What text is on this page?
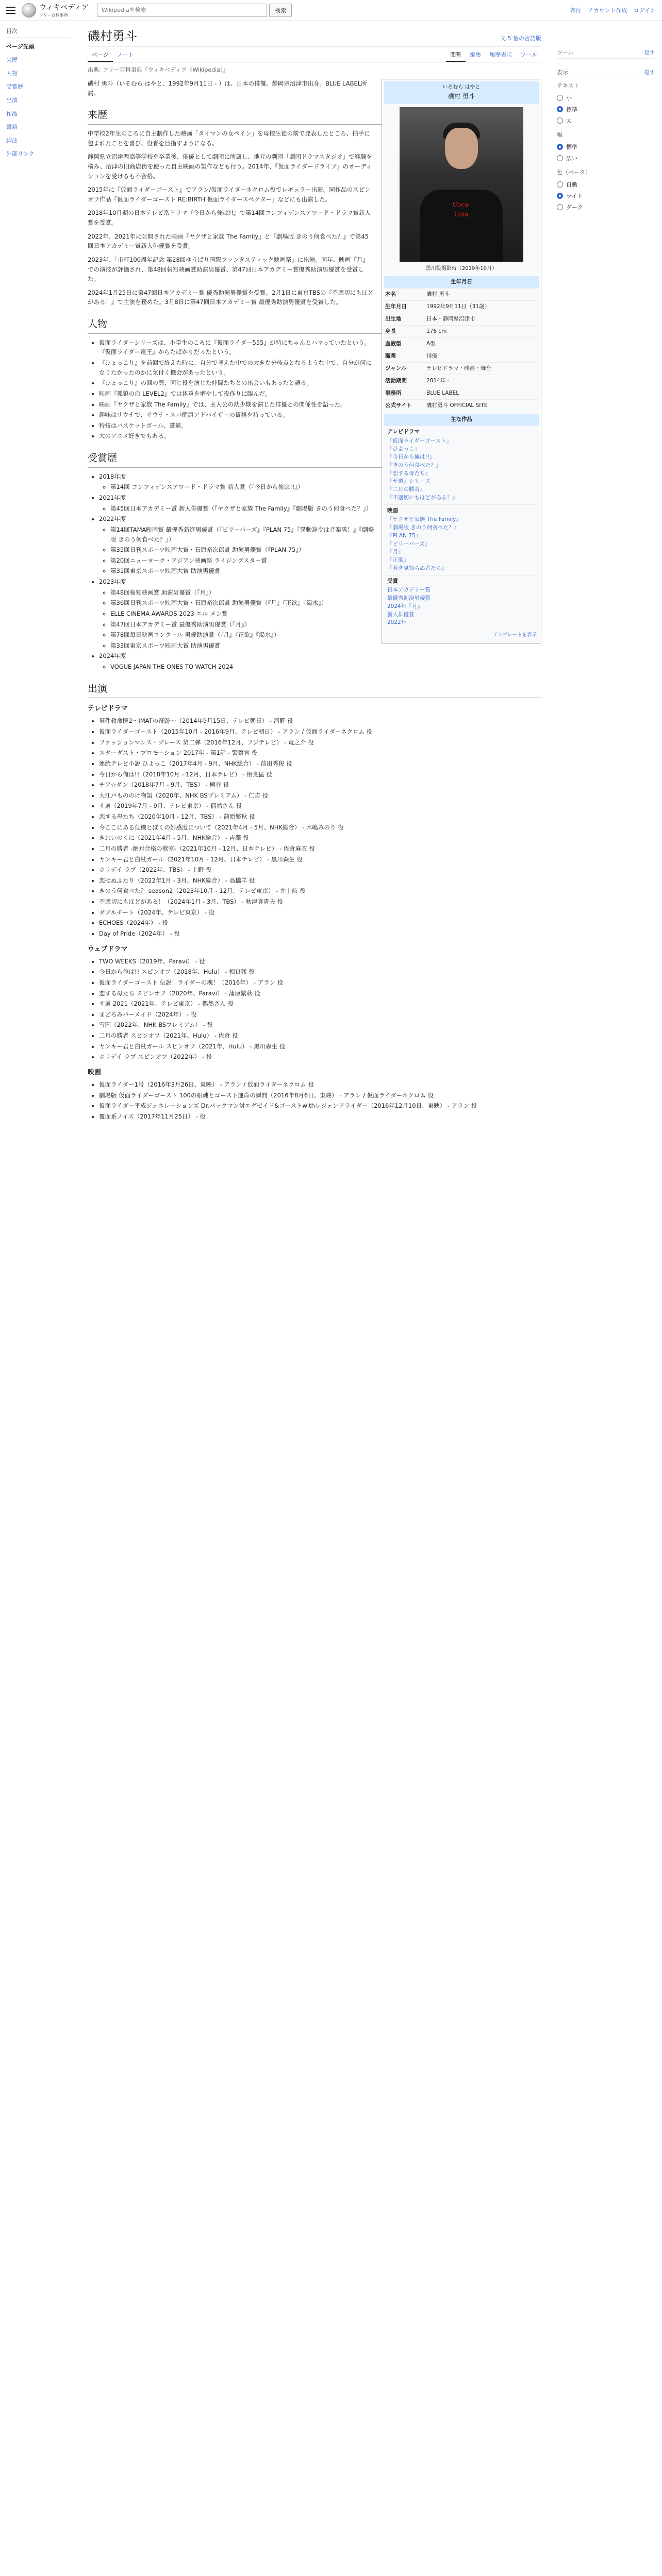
ウィキペディア
フリー百科事典
Wikipediaを検索
検索	寄付 アカウント作成 ログイン
目次
ページ先頭
来歴
人物
受賞歴
出演
作品
書籍
脚注
外部リンク
磯村勇斗	文 5 個の言語版
ページ	ノート	閲覧	編集	履歴表示	ツール
出典: フリー百科事典『ウィキペディア（Wikipedia）』
いそむら はやと
磯村 勇斗
Coca-Cola
黒川役撮影時（2019年10月）
生年月日
本名	磯村 勇斗
生年月日	1992年9月11日（31歳）
出生地	日本・静岡県沼津市
身長	176 cm
血液型	A型
職業	俳優
ジャンル	テレビドラマ・映画・舞台
活動期間	2014年 -
事務所	BLUE LABEL
公式サイト	磯村勇斗 OFFICIAL SITE
主な作品
テレビドラマ
『仮面ライダーゴースト』
『ひよっこ』
『今日から俺は!!』
『きのう何食べた？』
『恋する母たち』
『サ道』シリーズ
『二月の勝者』
『不適切にもほどがある！』
映画
『ヤクザと家族 The Family』
『劇場版 きのう何食べた？』
『PLAN 75』
『ビリーバーズ』
『月』
『正欲』
『若き見知らぬ者たち』
受賞
日本アカデミー賞
最優秀助演男優賞
2024年『月』
新人俳優賞
2022年
テンプレートを表示

磯村 勇斗（いそむら はやと、1992年9月11日 - ）は、日本の俳優。静岡県沼津市出身。BLUE LABEL所属。

来歴

中学校2年生のころに自主制作した映画「タイマンの女ペイン」を母校生徒の前で発表したところ、拍手に包まれたことを喜び、役者を目指すようになる。

静岡県立沼津西高等学校を卒業後、俳優として劇団に所属し、地元の劇団「劇団ドラマスタジオ」で経験を積み、沼津の旧商店街を使った自主映画の製作なども行う。2014年、『仮面ライダードライブ』のオーディションを受けるも不合格。

2015年に『仮面ライダーゴースト』でアラン/仮面ライダーネクロム役でレギュラー出演。同作品のスピンオフ作品『仮面ライダーゴースト RE:BIRTH 仮面ライダースペクター』などにも出演した。

2018年10月期の日本テレビ系ドラマ『今日から俺は!!』で第14回コンフィデンスアワード・ドラマ賞新人賞を受賞。

2022年、2021年に公開された映画『ヤクザと家族 The Family』と『劇場版 きのう何食べた？』で第45回日本アカデミー賞新人俳優賞を受賞。

2023年、「市町100周年記念 第28回ゆうばり国際ファンタスティック映画祭」に出演。同年、映画『月』での演技が評価され、第48回報知映画賞助演男優賞、第47回日本アカデミー賞優秀助演男優賞を受賞した。

2024年1月25日に第47回日本アカデミー賞 優秀助演男優賞を受賞。2月1日に東京TBSの『不適切にもほどがある！』で主演を務めた。3月8日に第47回日本アカデミー賞 最優秀助演男優賞を受賞した。

人物
• 仮面ライダーシリーズは、小学生のころに『仮面ライダー555』が特にちゃんとハマっていたという。『仮面ライダー電王』からたばかりだったという。
• 『ひょっこり』を前回で終えた時に、自分で考えた中での大きな分岐点となるような中で、自分が何になりたかったのかに気付く機会があったという。
• 『ひょっこり』の回の際、同じ役を演じた仲間たちとの出会いもあったと語る。
• 映画『孤狼の血 LEVEL2』では体重を増やして役作りに臨んだ。
• 映画『ヤクザと家族 The Family』では、主人公の幼少期を演じた俳優との関係性を語った。
• 趣味はサウナで、サウナ・スパ健康アドバイザーの資格を持っている。
• 特技はバスケットボール、書道。
• 大のアニメ好きでもある。
受賞歴
• 2018年度
◦ 第14回 コンフィデンスアワード・ドラマ賞 新人賞（『今日から俺は!!』）
• 2021年度
◦ 第45回日本アカデミー賞 新人俳優賞（『ヤクザと家族 The Family』『劇場版 きのう何食べた？』）
• 2022年度
◦ 第14回TAMA映画賞 最優秀新進男優賞（『ビリーバーズ』『PLAN 75』『異動辞令は音楽隊！』『劇場版 きのう何食べた？』）
◦ 第35回日刊スポーツ映画大賞・石原裕次郎賞 助演男優賞（『PLAN 75』）
◦ 第20回ニューヨーク・アジアン映画祭 ライジングスター賞
◦ 第31回東京スポーツ映画大賞 助演男優賞
• 2023年度
◦ 第48回報知映画賞 助演男優賞（『月』）
◦ 第36回日刊スポーツ映画大賞・石原裕次郎賞 助演男優賞（『月』『正欲』『渇水』）
◦ ELLE CINEMA AWARDS 2023 エル メン賞
◦ 第47回日本アカデミー賞 最優秀助演男優賞（『月』）
◦ 第78回毎日映画コンクール 男優助演賞（『月』『正欲』『渇水』）
◦ 第33回東京スポーツ映画大賞 助演男優賞
• 2024年度
◦ VOGUE JAPAN THE ONES TO WATCH 2024
出演
テレビドラマ
• 事件救命医2〜IMATの奇跡〜（2014年9月15日、テレビ朝日） - 河野 役
• 仮面ライダーゴースト（2015年10月 - 2016年9月、テレビ朝日） - アラン / 仮面ライダーネクロム 役
• ファッションマンス・プレース 第二弾（2016年12月、フジテレビ） - 竜之介 役
• スターダスト・プロモーション 2017年 - 第1話 - 警察官 役
• 連続テレビ小説 ひよっこ（2017年4月 - 9月、NHK総合） - 前田秀俊 役
• 今日から俺は!!（2018年10月 - 12月、日本テレビ） - 相良猛 役
• チア☆ダン（2018年7月 - 9月、TBS） - 桐谷 役
• 大江戸もののけ物語（2020年、NHK BSプレミアム） - 仁吉 役
• サ道（2019年7月 - 9月、テレビ東京） - 偶然さん 役
• 恋する母たち（2020年10月 - 12月、TBS） - 蒲原繁秋 役
• 今ここにある危機とぼくの好感度について（2021年4月 - 5月、NHK総合） - 木嶋みのり 役
• きれいのくに（2021年4月 - 5月、NHK総合） - 吉澤 役
• 二月の勝者 -絶対合格の教室-（2021年10月 - 12月、日本テレビ） - 佐倉麻衣 役
• ヤンキー君と白杖ガール（2021年10月 - 12月、日本テレビ） - 黒川森生 役
• ホリデイ ラブ（2022年、TBS） - 上野 役
• 恋せぬふたり（2022年1月 - 3月、NHK総合） - 高橋羊 役
• きのう何食べた？ season2（2023年10月 - 12月、テレビ東京） - 井上航 役
• 不適切にもほどがある！（2024年1月 - 3月、TBS） - 秋津真貴夫 役
• ダブルチート（2024年、テレビ東京） - 役
• ECHOES（2024年） - 役
• Day of Pride（2024年） - 役
ウェブドラマ
• TWO WEEKS（2019年、Paravi） - 役
• 今日から俺は!! スピンオフ（2018年、Hulu） - 相良猛 役
• 仮面ライダーゴースト 伝説！ライダーの魂！（2016年） - アラン 役
• 恋する母たち スピンオフ（2020年、Paravi） - 蒲原繁秋 役
• サ道 2021（2021年、テレビ東京） - 偶然さん 役
• まどろみバーメイド（2024年） - 役
• 雪国（2022年、NHK BSプレミアム） - 役
• 二月の勝者 スピンオフ（2021年、Hulu） - 佐倉 役
• ヤンキー君と白杖ガール スピンオフ（2021年、Hulu） - 黒川森生 役
• ホリデイ ラブ スピンオフ（2022年） - 役
映画
• 仮面ライダー1号（2016年3月26日、東映） - アラン / 仮面ライダーネクロム 役
• 劇場版 仮面ライダーゴースト 100の眼魂とゴースト運命の瞬間（2016年8月6日、東映） - アラン / 仮面ライダーネクロム 役
• 仮面ライダー平成ジェネレーションズ Dr.パックマン対エグゼイド&ゴーストwithレジェンドライダー（2016年12月10日、東映） - アラン 役
• 覆面系ノイズ（2017年11月25日） - 役
ツール	隠す
表示	隠す
テキスト
小
標準
大
幅
標準
広い
色（ベータ）
自動
ライト
ダーク
